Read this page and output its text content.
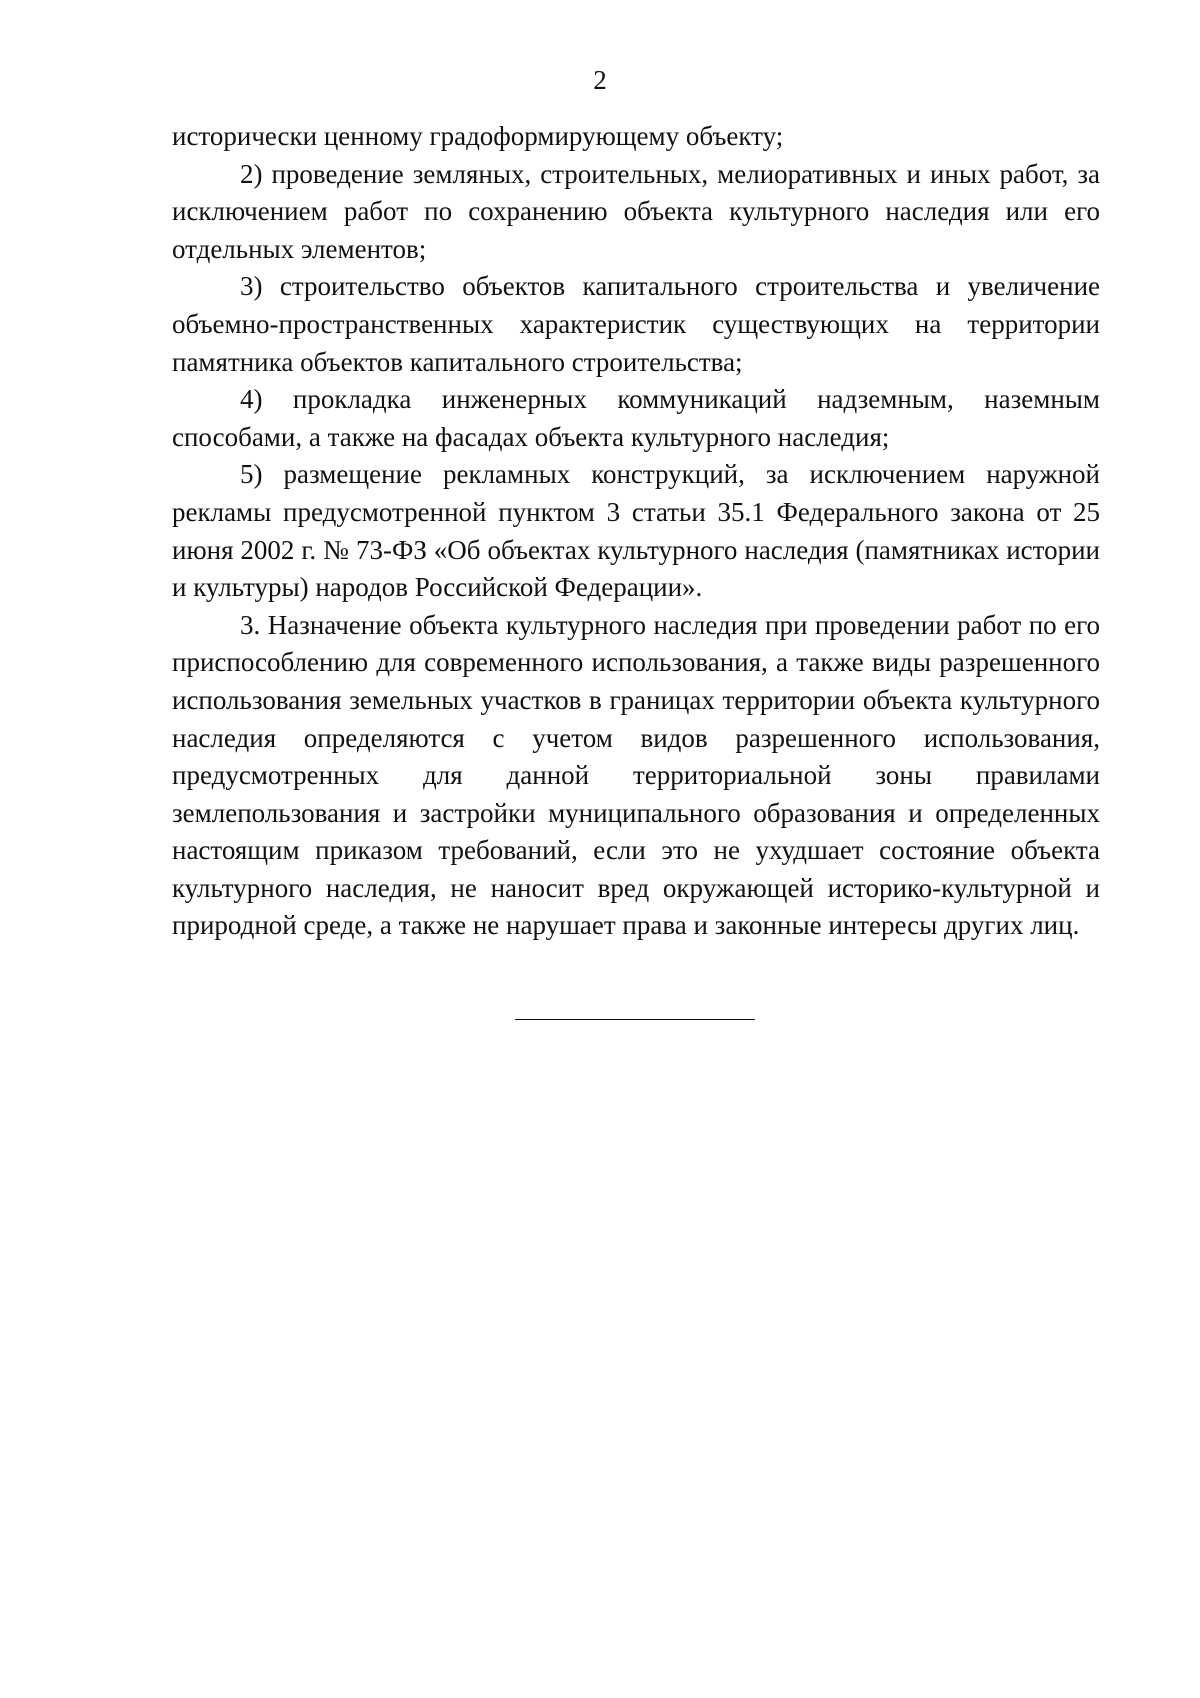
2

исторически ценному градоформирующему объекту;

2) проведение земляных, строительных, мелиоративных и иных работ, за исключением работ по сохранению объекта культурного наследия или его отдельных элементов;

3) строительство объектов капитального строительства и увеличение объемно-пространственных характеристик существующих на территории памятника объектов капитального строительства;

4) прокладка инженерных коммуникаций надземным, наземным способами, а также на фасадах объекта культурного наследия;

5) размещение рекламных конструкций, за исключением наружной рекламы предусмотренной пунктом 3 статьи 35.1 Федерального закона от 25 июня 2002 г. № 73-ФЗ «Об объектах культурного наследия (памятниках истории и культуры) народов Российской Федерации».

3. Назначение объекта культурного наследия при проведении работ по его приспособлению для современного использования, а также виды разрешенного использования земельных участков в границах территории объекта культурного наследия определяются с учетом видов разрешенного использования, предусмотренных для данной территориальной зоны правилами землепользования и застройки муниципального образования и определенных настоящим приказом требований, если это не ухудшает состояние объекта культурного наследия, не наносит вред окружающей историко-культурной и природной среде, а также не нарушает права и законные интересы других лиц.
